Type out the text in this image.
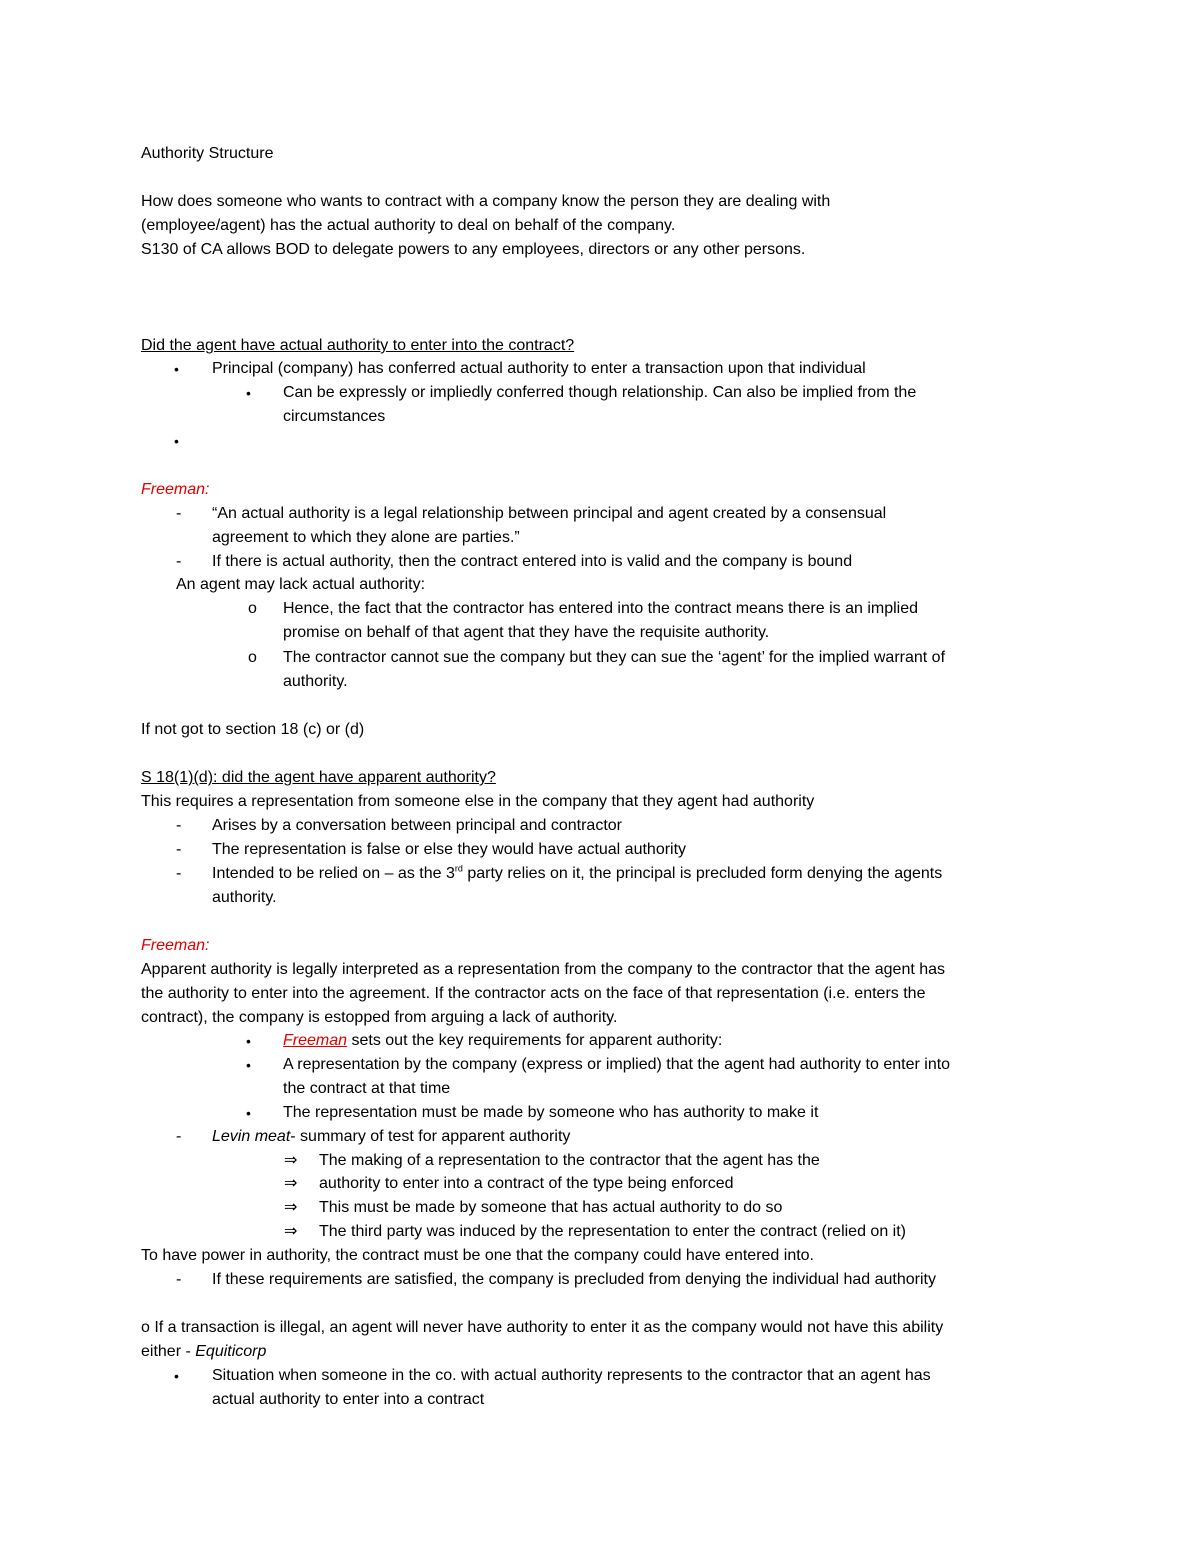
Authority Structure
How does someone who wants to contract with a company know the person they are dealing with
(employee/agent) has the actual authority to deal on behalf of the company.
S130 of CA allows BOD to delegate powers to any employees, directors or any other persons.
Did the agent have actual authority to enter into the contract?
• Principal (company) has conferred actual authority to enter a transaction upon that individual
• Can be expressly or impliedly conferred though relationship. Can also be implied from the
circumstances
•
Freeman:
- “An actual authority is a legal relationship between principal and agent created by a consensual
agreement to which they alone are parties.”
- If there is actual authority, then the contract entered into is valid and the company is bound
An agent may lack actual authority:
o Hence, the fact that the contractor has entered into the contract means there is an implied
promise on behalf of that agent that they have the requisite authority.
o The contractor cannot sue the company but they can sue the ‘agent’ for the implied warrant of
authority.
If not got to section 18 (c) or (d)
S 18(1)(d): did the agent have apparent authority?
This requires a representation from someone else in the company that they agent had authority
- Arises by a conversation between principal and contractor
- The representation is false or else they would have actual authority
- Intended to be relied on – as the 3rd party relies on it, the principal is precluded form denying the agents
authority.
Freeman:
Apparent authority is legally interpreted as a representation from the company to the contractor that the agent has
the authority to enter into the agreement. If the contractor acts on the face of that representation (i.e. enters the
contract), the company is estopped from arguing a lack of authority.
• Freeman sets out the key requirements for apparent authority:
• A representation by the company (express or implied) that the agent had authority to enter into
the contract at that time
• The representation must be made by someone who has authority to make it
- Levin meat- summary of test for apparent authority
⇒ The making of a representation to the contractor that the agent has the
⇒ authority to enter into a contract of the type being enforced
⇒ This must be made by someone that has actual authority to do so
⇒ The third party was induced by the representation to enter the contract (relied on it)
To have power in authority, the contract must be one that the company could have entered into.
- If these requirements are satisfied, the company is precluded from denying the individual had authority
o If a transaction is illegal, an agent will never have authority to enter it as the company would not have this ability
either - Equiticorp
• Situation when someone in the co. with actual authority represents to the contractor that an agent has
actual authority to enter into a contract
